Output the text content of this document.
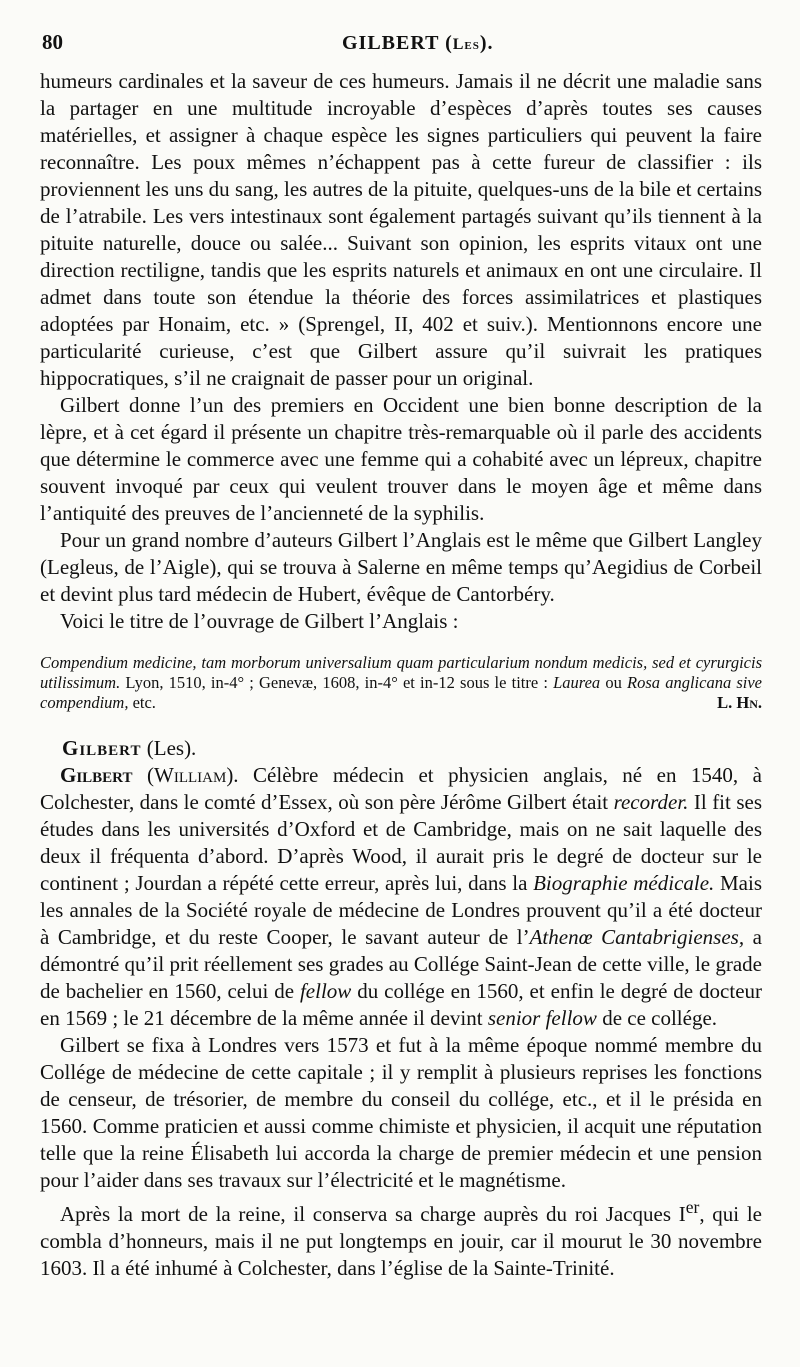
80	GILBERT (Les).

humeurs cardinales et la saveur de ces humeurs. Jamais il ne décrit une maladie sans la partager en une multitude incroyable d’espèces d’après toutes ses causes matérielles, et assigner à chaque espèce les signes particuliers qui peuvent la faire reconnaître. Les poux mêmes n’échappent pas à cette fureur de classifier : ils proviennent les uns du sang, les autres de la pituite, quelques-uns de la bile et certains de l’atrabile. Les vers intestinaux sont également partagés suivant qu’ils tiennent à la pituite naturelle, douce ou salée... Suivant son opinion, les esprits vitaux ont une direction rectiligne, tandis que les esprits naturels et animaux en ont une circulaire. Il admet dans toute son étendue la théorie des forces assimilatrices et plastiques adoptées par Honaim, etc. » (Sprengel, II, 402 et suiv.). Mentionnons encore une particularité curieuse, c’est que Gilbert assure qu’il suivrait les pratiques hippocratiques, s’il ne craignait de passer pour un original.

Gilbert donne l’un des premiers en Occident une bien bonne description de la lèpre, et à cet égard il présente un chapitre très-remarquable où il parle des accidents que détermine le commerce avec une femme qui a cohabité avec un lépreux, chapitre souvent invoqué par ceux qui veulent trouver dans le moyen âge et même dans l’antiquité des preuves de l’ancienneté de la syphilis.

Pour un grand nombre d’auteurs Gilbert l’Anglais est le même que Gilbert Langley (Legleus, de l’Aigle), qui se trouva à Salerne en même temps qu’Aegidius de Corbeil et devint plus tard médecin de Hubert, évêque de Cantorbéry.

Voici le titre de l’ouvrage de Gilbert l’Anglais :

Compendium medicine, tam morborum universalium quam particularium nondum medicis, sed et cyrurgicis utilissimum. Lyon, 1510, in-4° ; Genevæ, 1608, in-4° et in-12 sous le titre : Laurea ou Rosa anglicana sive compendium, etc.	L. Hn.
Gilbert (Les).

Gilbert (William). Célèbre médecin et physicien anglais, né en 1540, à Colchester, dans le comté d’Essex, où son père Jérôme Gilbert était recorder. Il fit ses études dans les universités d’Oxford et de Cambridge, mais on ne sait laquelle des deux il fréquenta d’abord. D’après Wood, il aurait pris le degré de docteur sur le continent ; Jourdan a répété cette erreur, après lui, dans la Biographie médicale. Mais les annales de la Société royale de médecine de Londres prouvent qu’il a été docteur à Cambridge, et du reste Cooper, le savant auteur de l’Athenœ Cantabrigienses, a démontré qu’il prit réellement ses grades au Collége Saint-Jean de cette ville, le grade de bachelier en 1560, celui de fellow du collége en 1560, et enfin le degré de docteur en 1569 ; le 21 décembre de la même année il devint senior fellow de ce collége.

Gilbert se fixa à Londres vers 1573 et fut à la même époque nommé membre du Collége de médecine de cette capitale ; il y remplit à plusieurs reprises les fonctions de censeur, de trésorier, de membre du conseil du collége, etc., et il le présida en 1560. Comme praticien et aussi comme chimiste et physicien, il acquit une réputation telle que la reine Élisabeth lui accorda la charge de premier médecin et une pension pour l’aider dans ses travaux sur l’électricité et le magnétisme.

Après la mort de la reine, il conserva sa charge auprès du roi Jacques Ier, qui le combla d’honneurs, mais il ne put longtemps en jouir, car il mourut le 30 novembre 1603. Il a été inhumé à Colchester, dans l’église de la Sainte-Trinité.
